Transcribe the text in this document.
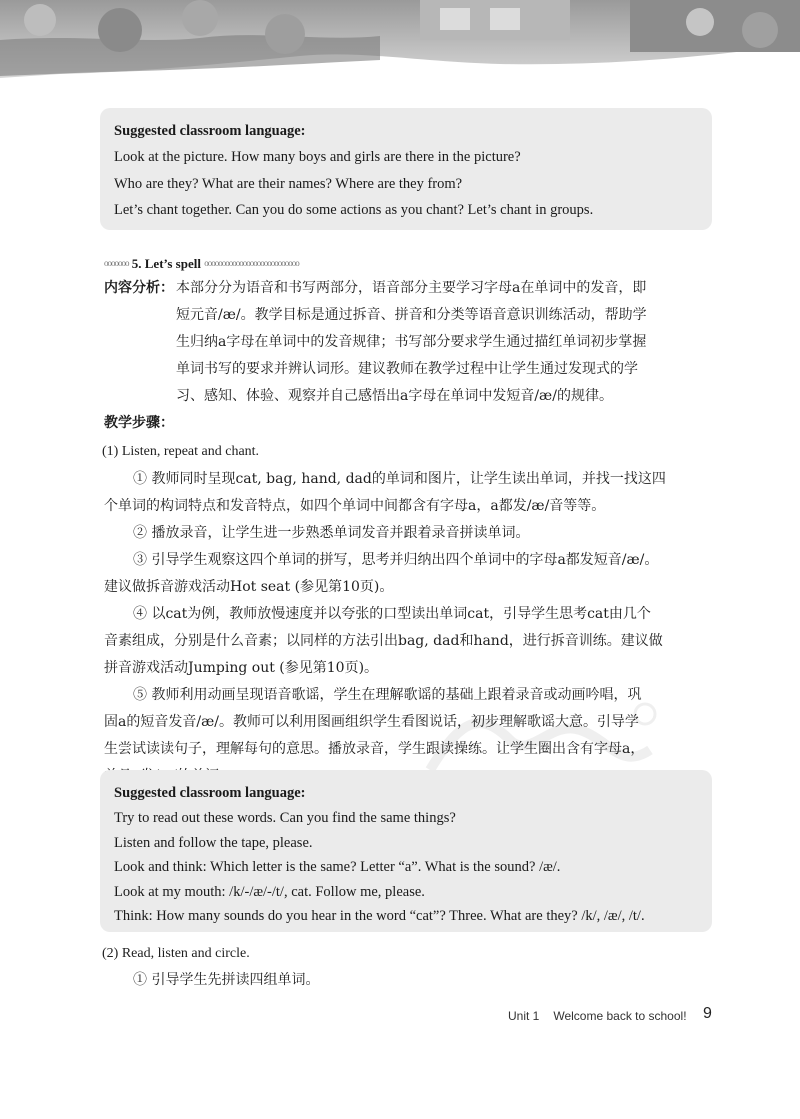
Suggested classroom language:
Look at the picture. How many boys and girls are there in the picture?
Who are they? What are their names? Where are they from?
Let’s chant together. Can you do some actions as you chant? Let’s chant in groups.
ooooooo 5. Let’s spell ooooooooooooooooooooooooooo
内容分析： 本部分分为语音和书写两部分，语音部分主要学习字母a在单词中的发音，即
短元音/æ/。教学目标是通过拆音、拼音和分类等语音意识训练活动，帮助学
生归纳a字母在单词中的发音规律；书写部分要求学生通过描红单词初步掌握
单词书写的要求并辨认词形。建议教师在教学过程中让学生通过发现式的学
习、感知、体验、观察并自己感悟出a字母在单词中发短音/æ/的规律。
教学步骤：
(1) Listen, repeat and chant.
① 教师同时呈现cat, bag, hand, dad的单词和图片，让学生读出单词，并找一找这四
个单词的构词特点和发音特点，如四个单词中间都含有字母a，a都发/æ/音等等。
② 播放录音，让学生进一步熟悉单词发音并跟着录音拼读单词。
③ 引导学生观察这四个单词的拼写，思考并归纳出四个单词中的字母a都发短音/æ/。
建议做拆音游戏活动Hot seat (参见第10页)。
④ 以cat为例，教师放慢速度并以夸张的口型读出单词cat，引导学生思考cat由几个
音素组成，分别是什么音素；以同样的方法引出bag, dad和hand，进行拆音训练。建议做
拼音游戏活动Jumping out (参见第10页)。
⑤ 教师利用动画呈现语音歌谣，学生在理解歌谣的基础上跟着录音或动画吟唱，巩
固a的短音发音/æ/。教师可以利用图画组织学生看图说话，初步理解歌谣大意。引导学
生尝试读读句子，理解每句的意思。播放录音，学生跟读操练。让学生圈出含有字母a，
Suggested classroom language:
Try to read out these words. Can you find the same things?
Listen and follow the tape, please.
Look and think: Which letter is the same? Letter “a”. What is the sound? /æ/.
Look at my mouth: /k/-/æ/-/t/, cat. Follow me, please.
Think: How many sounds do you hear in the word “cat”? Three. What are they? /k/, /æ/, /t/.
(2) Read, listen and circle.
① 引导学生先拼读四组单词。
Unit 1 Welcome back to school! 9
